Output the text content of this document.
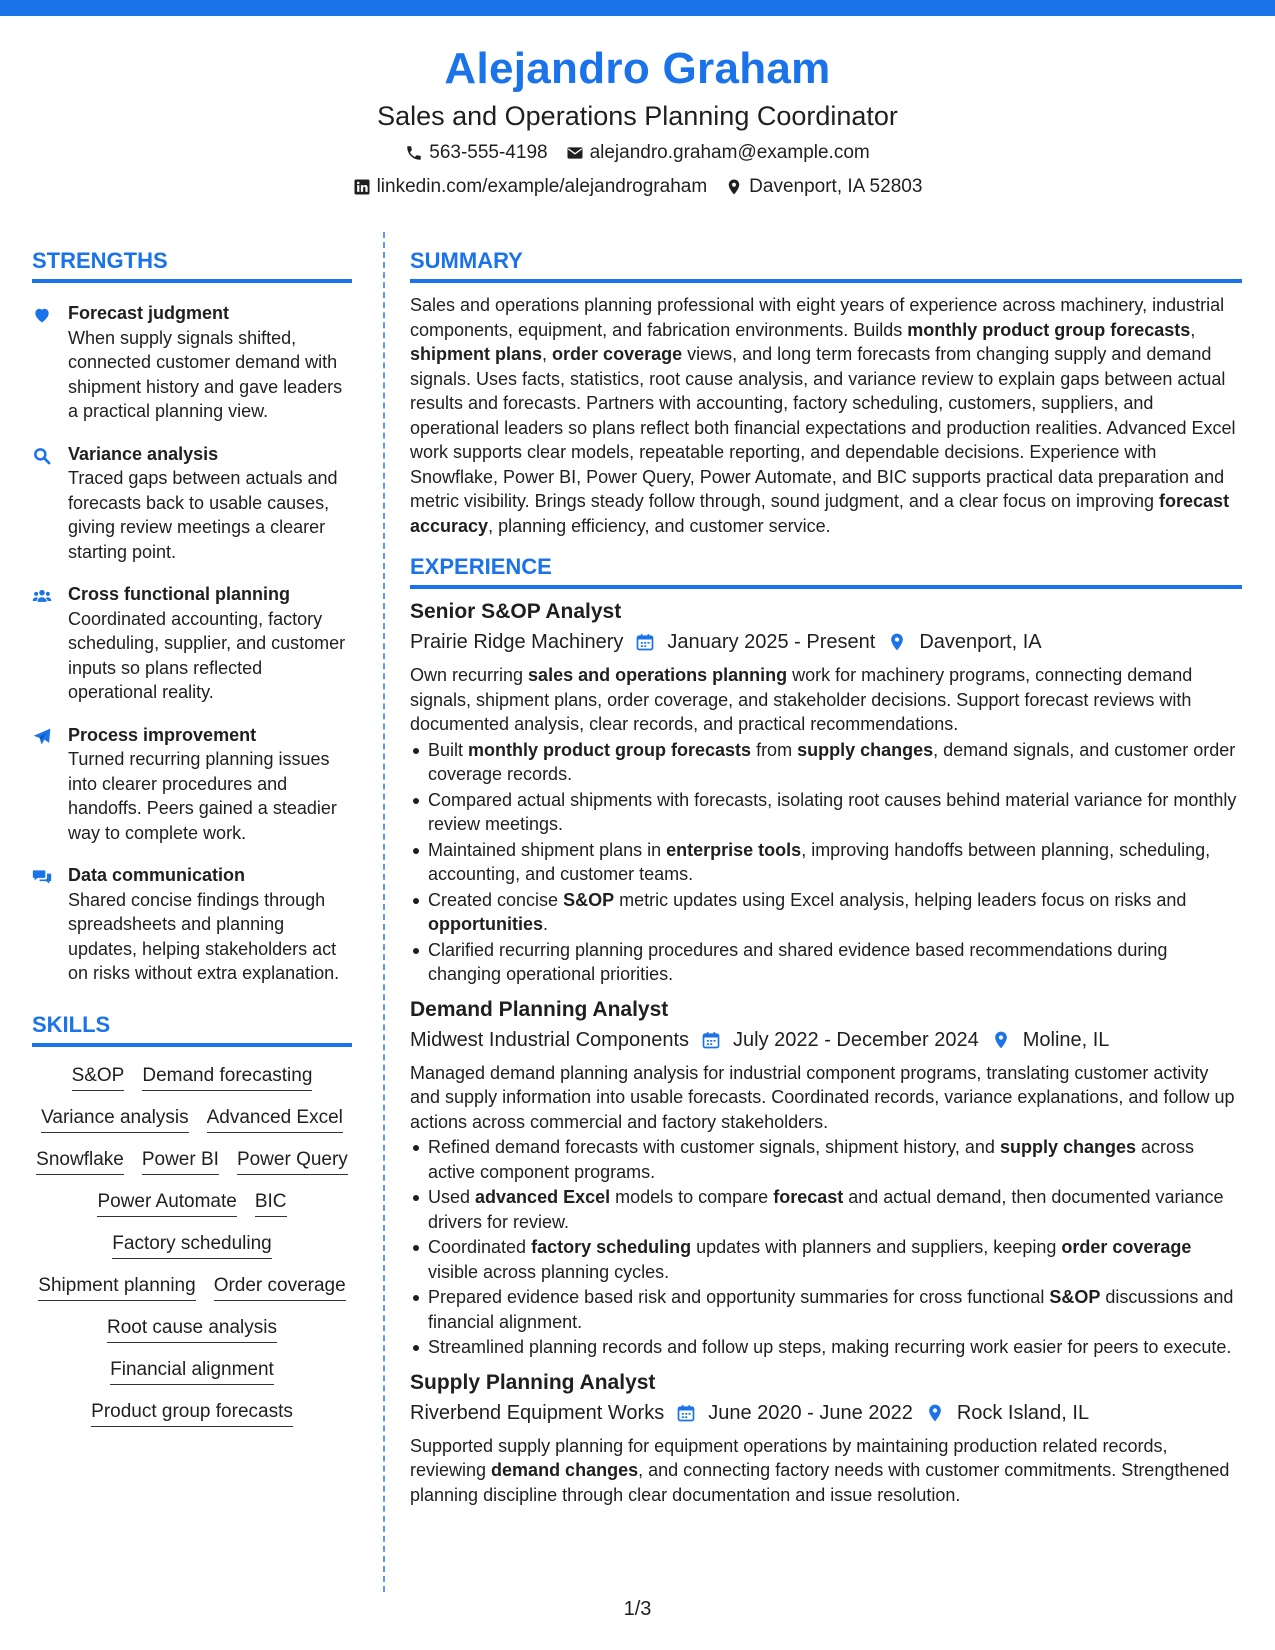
Alejandro Graham
Sales and Operations Planning Coordinator
563-555-4198 alejandro.graham@example.com
linkedin.com/example/alejandrograham Davenport, IA 52803
STRENGTHS
Forecast judgment
When supply signals shifted, connected customer demand with shipment history and gave leaders a practical planning view.
Variance analysis
Traced gaps between actuals and forecasts back to usable causes, giving review meetings a clearer starting point.
Cross functional planning
Coordinated accounting, factory scheduling, supplier, and customer inputs so plans reflected operational reality.
Process improvement
Turned recurring planning issues into clearer procedures and handoffs. Peers gained a steadier way to complete work.
Data communication
Shared concise findings through spreadsheets and planning updates, helping stakeholders act on risks without extra explanation.
SKILLS
S&OP Demand forecasting
Variance analysis Advanced Excel
Snowflake Power BI Power Query
Power Automate BIC
Factory scheduling
Shipment planning Order coverage
Root cause analysis
Financial alignment
Product group forecasts
SUMMARY

Sales and operations planning professional with eight years of experience across machinery, industrial components, equipment, and fabrication environments. Builds monthly product group forecasts, shipment plans, order coverage views, and long term forecasts from changing supply and demand signals. Uses facts, statistics, root cause analysis, and variance review to explain gaps between actual results and forecasts. Partners with accounting, factory scheduling, customers, suppliers, and operational leaders so plans reflect both financial expectations and production realities. Advanced Excel work supports clear models, repeatable reporting, and dependable decisions. Experience with Snowflake, Power BI, Power Query, Power Automate, and BIC supports practical data preparation and metric visibility. Brings steady follow through, sound judgment, and a clear focus on improving forecast accuracy, planning efficiency, and customer service.

EXPERIENCE
Senior S&OP Analyst
Prairie Ridge Machinery January 2025 - Present Davenport, IA
Own recurring sales and operations planning work for machinery programs, connecting demand signals, shipment plans, order coverage, and stakeholder decisions. Support forecast reviews with documented analysis, clear records, and practical recommendations.
Built monthly product group forecasts from supply changes, demand signals, and customer order coverage records.
Compared actual shipments with forecasts, isolating root causes behind material variance for monthly review meetings.
Maintained shipment plans in enterprise tools, improving handoffs between planning, scheduling, accounting, and customer teams.
Created concise S&OP metric updates using Excel analysis, helping leaders focus on risks and opportunities.
Clarified recurring planning procedures and shared evidence based recommendations during changing operational priorities.
Demand Planning Analyst
Midwest Industrial Components July 2022 - December 2024 Moline, IL
Managed demand planning analysis for industrial component programs, translating customer activity and supply information into usable forecasts. Coordinated records, variance explanations, and follow up actions across commercial and factory stakeholders.
Refined demand forecasts with customer signals, shipment history, and supply changes across active component programs.
Used advanced Excel models to compare forecast and actual demand, then documented variance drivers for review.
Coordinated factory scheduling updates with planners and suppliers, keeping order coverage visible across planning cycles.
Prepared evidence based risk and opportunity summaries for cross functional S&OP discussions and financial alignment.
Streamlined planning records and follow up steps, making recurring work easier for peers to execute.
Supply Planning Analyst
Riverbend Equipment Works June 2020 - June 2022 Rock Island, IL
Supported supply planning for equipment operations by maintaining production related records, reviewing demand changes, and connecting factory needs with customer commitments. Strengthened planning discipline through clear documentation and issue resolution.
1/3
